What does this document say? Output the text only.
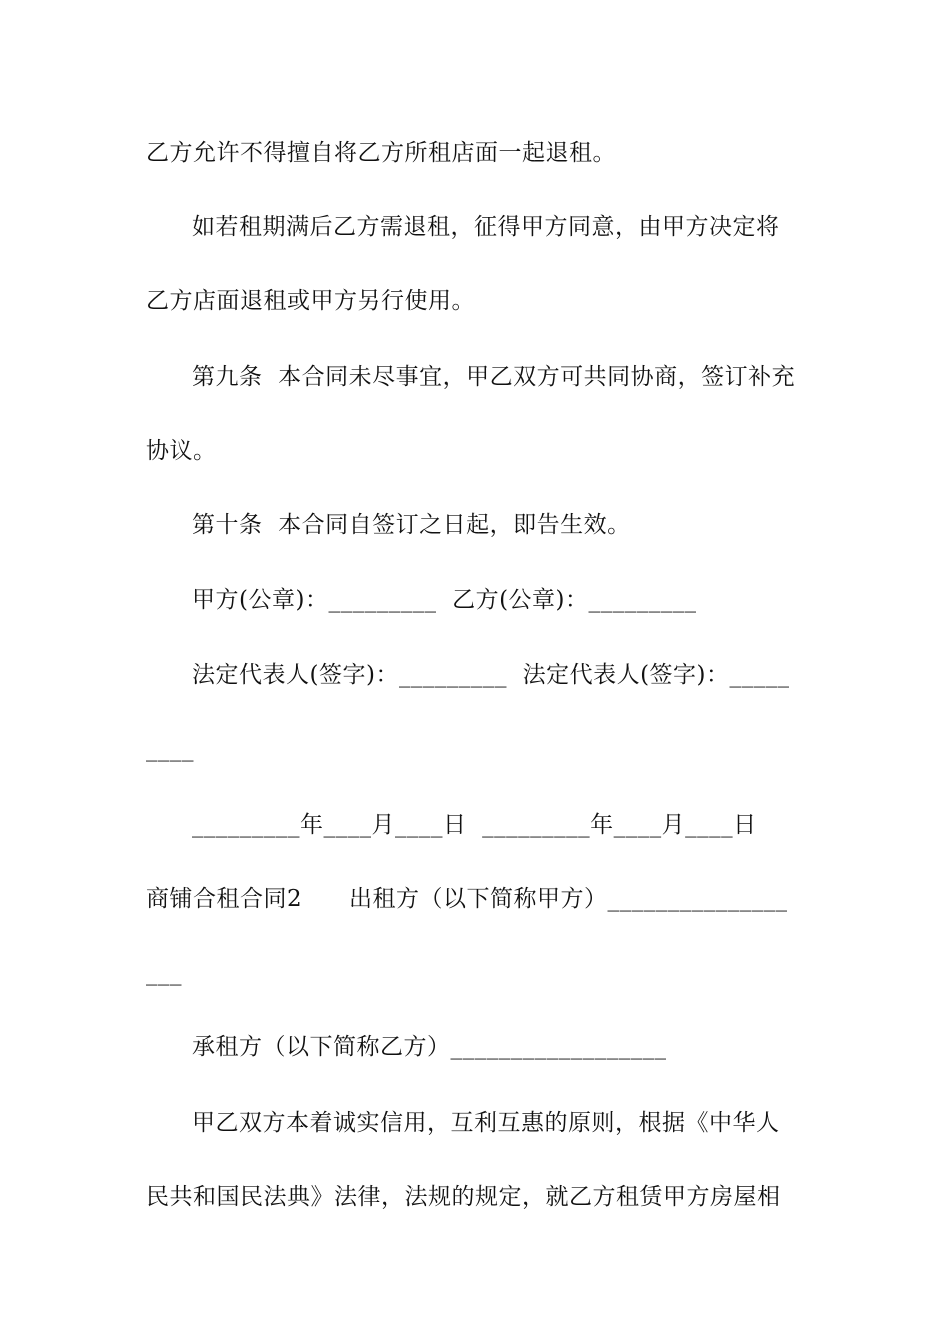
乙方允许不得擅自将乙方所租店面一起退租。
如若租期满后乙方需退租，征得甲方同意，由甲方决定将
乙方店面退租或甲方另行使用。
第九条  本合同未尽事宜，甲乙双方可共同协商，签订补充
协议。
第十条  本合同自签订之日起，即告生效。
甲方(公章)：_________  乙方(公章)：_________
法定代表人(签字)：_________  法定代表人(签字)：_____
____
_________年____月____日  _________年____月____日
商铺合租合同2      出租方（以下简称甲方）_______________
___
承租方（以下简称乙方）__________________
甲乙双方本着诚实信用，互利互惠的原则，根据《中华人
民共和国民法典》法律，法规的规定，就乙方租赁甲方房屋相
